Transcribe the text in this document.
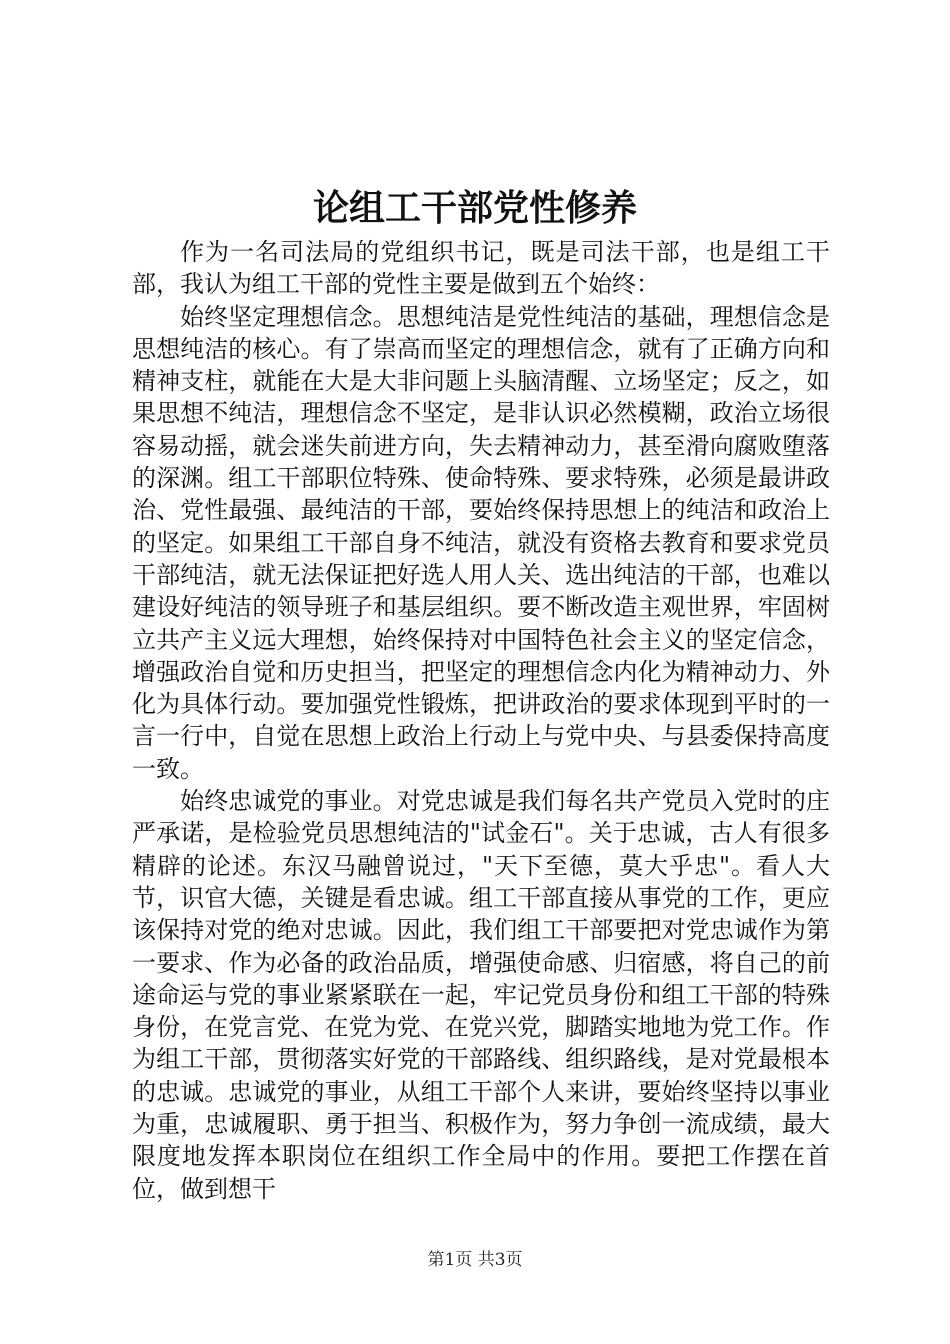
论组工干部党性修养

作为一名司法局的党组织书记，既是司法干部，也是组工干部，我认为组工干部的党性主要是做到五个始终：

始终坚定理想信念。思想纯洁是党性纯洁的基础，理想信念是思想纯洁的核心。有了崇高而坚定的理想信念，就有了正确方向和精神支柱，就能在大是大非问题上头脑清醒、立场坚定；反之，如果思想不纯洁，理想信念不坚定，是非认识必然模糊，政治立场很容易动摇，就会迷失前进方向，失去精神动力，甚至滑向腐败堕落的深渊。组工干部职位特殊、使命特殊、要求特殊，必须是最讲政治、党性最强、最纯洁的干部，要始终保持思想上的纯洁和政治上的坚定。如果组工干部自身不纯洁，就没有资格去教育和要求党员干部纯洁，就无法保证把好选人用人关、选出纯洁的干部，也难以建设好纯洁的领导班子和基层组织。要不断改造主观世界，牢固树立共产主义远大理想，始终保持对中国特色社会主义的坚定信念，增强政治自觉和历史担当，把坚定的理想信念内化为精神动力、外化为具体行动。要加强党性锻炼，把讲政治的要求体现到平时的一言一行中，自觉在思想上政治上行动上与党中央、与县委保持高度一致。

始终忠诚党的事业。对党忠诚是我们每名共产党员入党时的庄严承诺，是检验党员思想纯洁的"试金石"。关于忠诚，古人有很多精辟的论述。东汉马融曾说过，"天下至德，莫大乎忠"。看人大节，识官大德，关键是看忠诚。组工干部直接从事党的工作，更应该保持对党的绝对忠诚。因此，我们组工干部要把对党忠诚作为第一要求、作为必备的政治品质，增强使命感、归宿感，将自己的前途命运与党的事业紧紧联在一起，牢记党员身份和组工干部的特殊身份，在党言党、在党为党、在党兴党，脚踏实地地为党工作。作为组工干部，贯彻落实好党的干部路线、组织路线，是对党最根本的忠诚。忠诚党的事业，从组工干部个人来讲，要始终坚持以事业为重，忠诚履职、勇于担当、积极作为，努力争创一流成绩，最大限度地发挥本职岗位在组织工作全局中的作用。要把工作摆在首位，做到想干

第1页 共3页
